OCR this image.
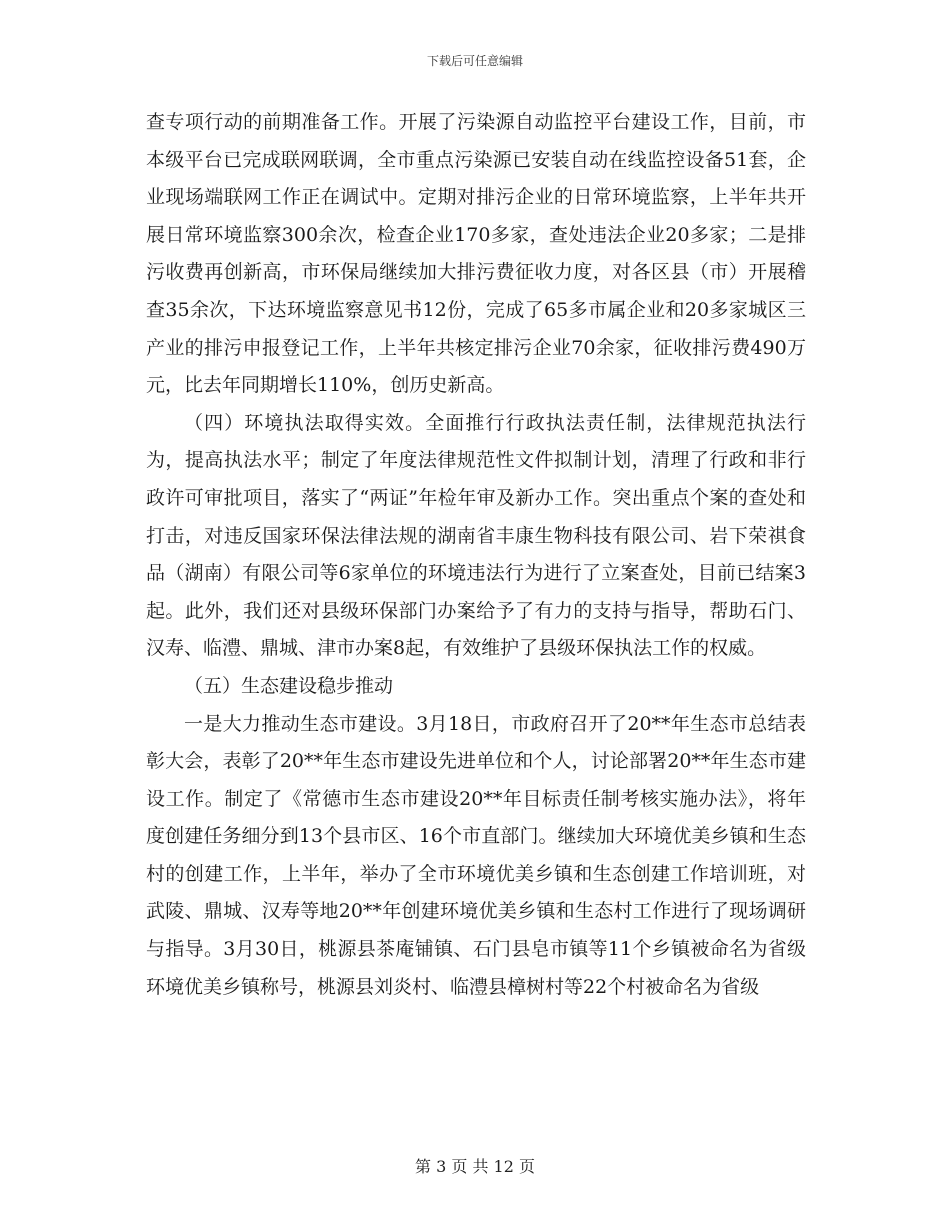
下载后可任意编辑

查专项行动的前期准备工作。开展了污染源自动监控平台建设工作，目前，市本级平台已完成联网联调，全市重点污染源已安装自动在线监控设备51套，企业现场端联网工作正在调试中。定期对排污企业的日常环境监察，上半年共开展日常环境监察300余次，检查企业170多家，查处违法企业20多家；二是排污收费再创新高，市环保局继续加大排污费征收力度，对各区县（市）开展稽查35余次，下达环境监察意见书12份，完成了65多市属企业和20多家城区三产业的排污申报登记工作，上半年共核定排污企业70余家，征收排污费490万元，比去年同期增长110%，创历史新高。

（四）环境执法取得实效。全面推行行政执法责任制，法律规范执法行为，提高执法水平；制定了年度法律规范性文件拟制计划，清理了行政和非行政许可审批项目，落实了“两证”年检年审及新办工作。突出重点个案的查处和打击，对违反国家环保法律法规的湖南省丰康生物科技有限公司、岩下荣祺食品（湖南）有限公司等6家单位的环境违法行为进行了立案查处，目前已结案3起。此外，我们还对县级环保部门办案给予了有力的支持与指导，帮助石门、汉寿、临澧、鼎城、津市办案8起，有效维护了县级环保执法工作的权威。

（五）生态建设稳步推动

一是大力推动生态市建设。3月18日，市政府召开了20**年生态市总结表彰大会，表彰了20**年生态市建设先进单位和个人，讨论部署20**年生态市建设工作。制定了《常德市生态市建设20**年目标责任制考核实施办法》，将年度创建任务细分到13个县市区、16个市直部门。继续加大环境优美乡镇和生态村的创建工作，上半年，举办了全市环境优美乡镇和生态创建工作培训班，对武陵、鼎城、汉寿等地20**年创建环境优美乡镇和生态村工作进行了现场调研与指导。3月30日，桃源县茶庵铺镇、石门县皂市镇等11个乡镇被命名为省级环境优美乡镇称号，桃源县刘炎村、临澧县樟树村等22个村被命名为省级

第 3 页 共 12 页
